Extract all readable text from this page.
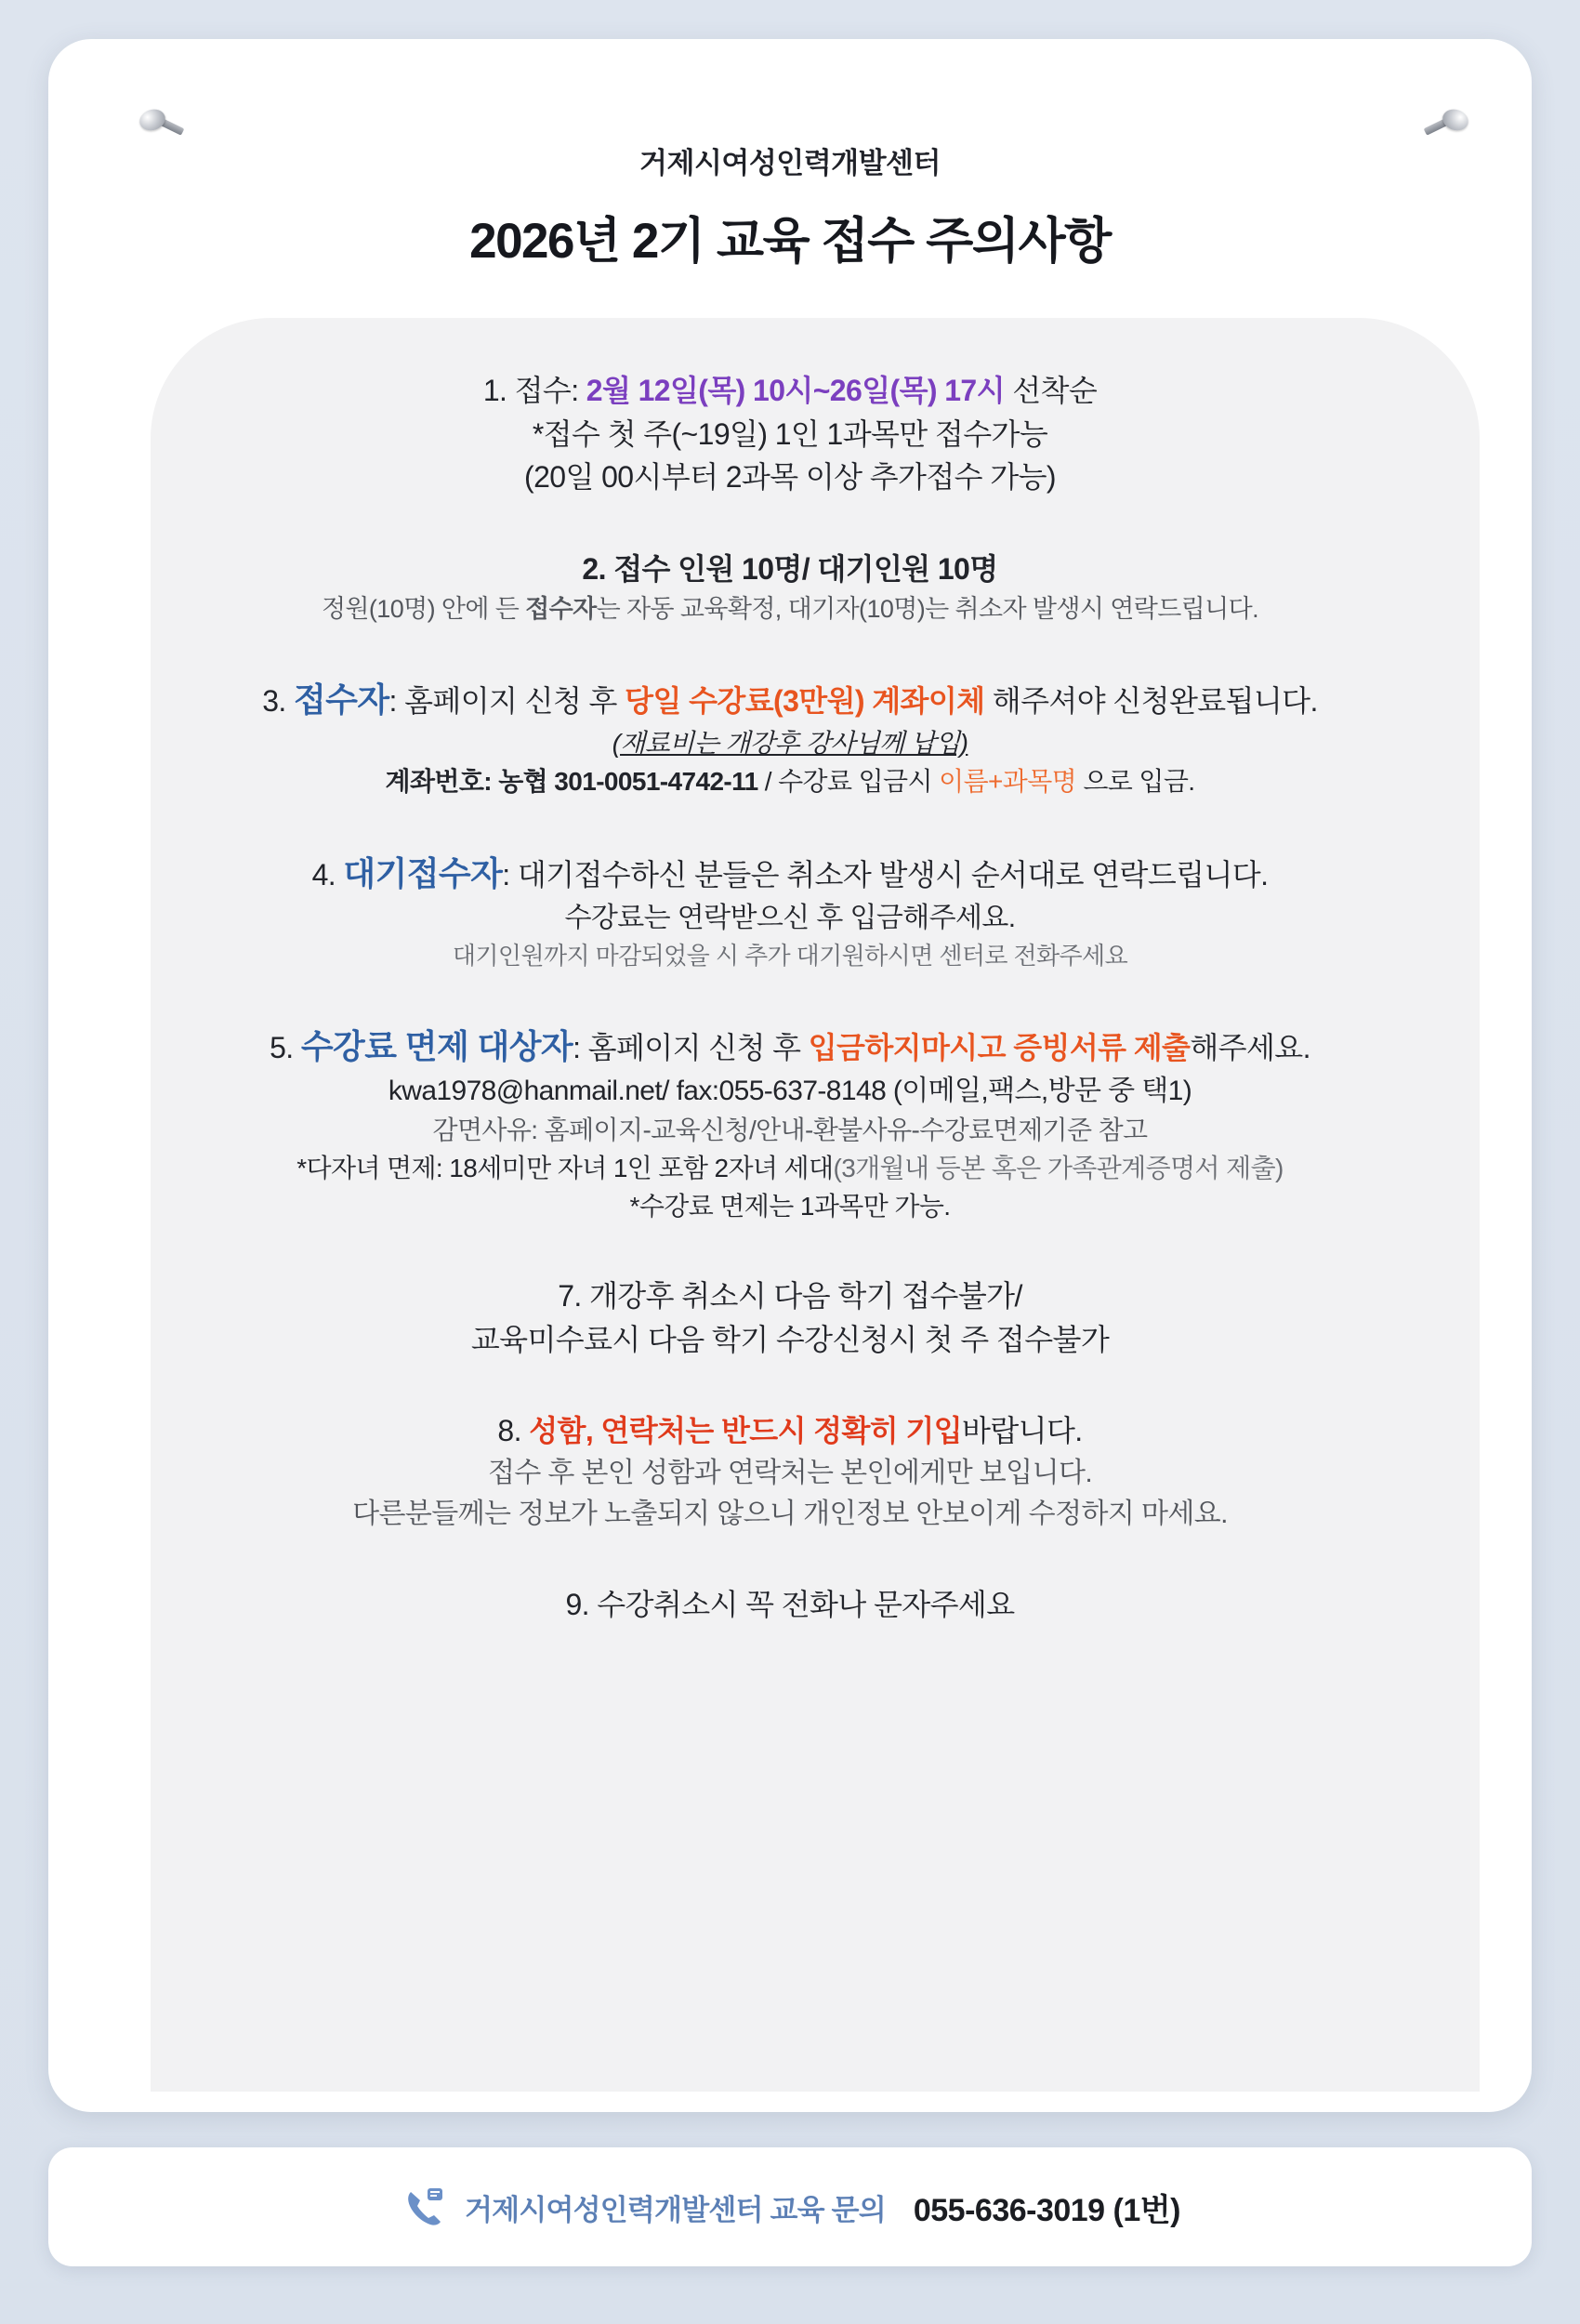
거제시여성인력개발센터
2026년 2기 교육 접수 주의사항
1. 접수: 2월 12일(목) 10시~26일(목) 17시 선착순
*접수 첫 주(~19일) 1인 1과목만 접수가능
(20일 00시부터 2과목 이상 추가접수 가능)
2. 접수 인원 10명/ 대기인원 10명
정원(10명) 안에 든 접수자는 자동 교육확정, 대기자(10명)는 취소자 발생시 연락드립니다.
3. 접수자: 홈페이지 신청 후 당일 수강료(3만원) 계좌이체 해주셔야 신청완료됩니다.
(재료비는 개강후 강사님께 납입)
계좌번호: 농협 301-0051-4742-11 / 수강료 입금시 이름+과목명 으로 입금.
4. 대기접수자: 대기접수하신 분들은 취소자 발생시 순서대로 연락드립니다.
수강료는 연락받으신 후 입금해주세요.
대기인원까지 마감되었을 시 추가 대기원하시면 센터로 전화주세요
5. 수강료 면제 대상자: 홈페이지 신청 후 입금하지마시고 증빙서류 제출해주세요.
kwa1978@hanmail.net/ fax:055-637-8148 (이메일,팩스,방문 중 택1)
감면사유: 홈페이지-교육신청/안내-환불사유-수강료면제기준 참고
*다자녀 면제: 18세미만 자녀 1인 포함 2자녀 세대(3개월내 등본 혹은 가족관계증명서 제출)
*수강료 면제는 1과목만 가능.
7. 개강후 취소시 다음 학기 접수불가/
교육미수료시 다음 학기 수강신청시 첫 주 접수불가
8. 성함, 연락처는 반드시 정확히 기입바랍니다.
접수 후 본인 성함과 연락처는 본인에게만 보입니다.
다른분들께는 정보가 노출되지 않으니 개인정보 안보이게 수정하지 마세요.
9. 수강취소시 꼭 전화나 문자주세요
거제시여성인력개발센터 교육 문의 055-636-3019 (1번)
